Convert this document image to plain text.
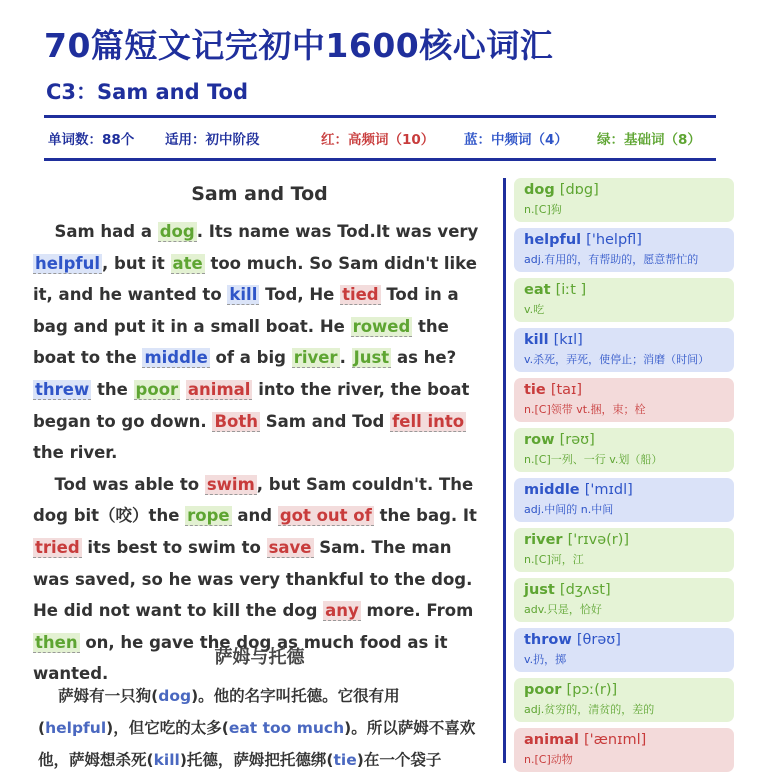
70篇短文记完初中1600核心词汇
C3：Sam and Tod
单词数：88个 适用：初中阶段	红：高频词（10） 蓝：中频词（4） 绿：基础词（8）
Sam and Tod

Sam had a dog . Its name was Tod.It was very helpful , but it ate too much. So Sam didn't like it, and he wanted to kill Tod, He tied Tod in a bag and put it in a small boat. He rowed the boat to the middle of a big river . Just as he? threw the poor animal into the river, the boat began to go down. Both Sam and Tod fell into the river.

Tod was able to swim , but Sam couldn't. The dog bit（咬）the rope and got out of the bag. It tried its best to swim to save Sam. The man was saved, so he was very thankful to the dog. He did not want to kill the dog any more. From then on, he gave the dog as much food as it wanted.

萨姆与托德

萨姆有一只狗(dog)。他的名字叫托德。它很有用(helpful)，但它吃的太多(eat too much)。所以萨姆不喜欢他，萨姆想杀死(kill)托德，萨姆把托德绑(tie)在一个袋子

dog [dɒg]
n.[C]狗
helpful ['helpfl]
adj.有用的，有帮助的，愿意帮忙的
eat [iːt ]
v.吃
kill [kɪl]
v.杀死，弄死，使停止；消磨（时间）
tie [taɪ]
n.[C]领带 vt.捆，束；栓
row [rəʊ]
n.[C]一列、一行 v.划（船）
middle ['mɪdl]
adj.中间的 n.中间
river ['rɪvə(r)]
n.[C]河，江
just [dʒʌst]
adv.只是，恰好
throw [θrəʊ]
v.扔，掷
poor [pɔː(r)]
adj.贫穷的，清贫的，差的
animal ['ænɪml]
n.[C]动物
